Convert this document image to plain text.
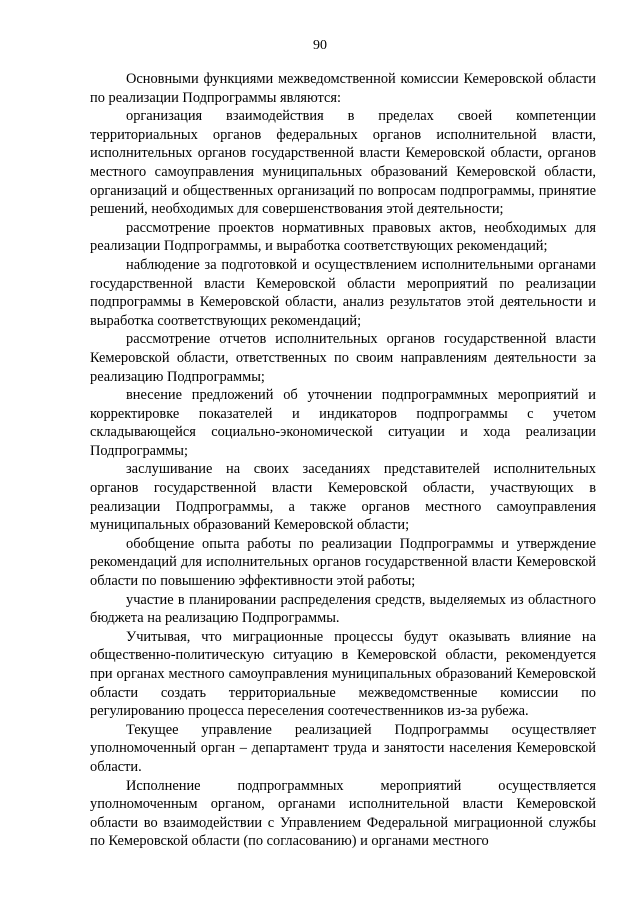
90

Основными функциями межведомственной комиссии Кемеровской области по реализации Подпрограммы являются:

организация взаимодействия в пределах своей компетенции территориальных органов федеральных органов исполнительной власти, исполнительных органов государственной власти Кемеровской области, органов местного самоуправления муниципальных образований Кемеровской области, организаций и общественных организаций по вопросам подпрограммы, принятие решений, необходимых для совершенствования этой деятельности;

рассмотрение проектов нормативных правовых актов, необходимых для реализации Подпрограммы, и выработка соответствующих рекомендаций;

наблюдение за подготовкой и осуществлением исполнительными органами государственной власти Кемеровской области мероприятий по реализации подпрограммы в Кемеровской области, анализ результатов этой деятельности и выработка соответствующих рекомендаций;

рассмотрение отчетов исполнительных органов государственной власти Кемеровской области, ответственных по своим направлениям деятельности за реализацию Подпрограммы;

внесение предложений об уточнении подпрограммных мероприятий и корректировке показателей и индикаторов подпрограммы с учетом складывающейся социально-экономической ситуации и хода реализации Подпрограммы;

заслушивание на своих заседаниях представителей исполнительных органов государственной власти Кемеровской области, участвующих в реализации Подпрограммы, а также органов местного самоуправления муниципальных образований Кемеровской области;

обобщение опыта работы по реализации Подпрограммы и утверждение рекомендаций для исполнительных органов государственной власти Кемеровской области по повышению эффективности этой работы;

участие в планировании распределения средств, выделяемых из областного бюджета на реализацию Подпрограммы.

Учитывая, что миграционные процессы будут оказывать влияние на общественно-политическую ситуацию в Кемеровской области, рекомендуется при органах местного самоуправления муниципальных образований Кемеровской области создать территориальные межведомственные комиссии по регулированию процесса переселения соотечественников из-за рубежа.

Текущее управление реализацией Подпрограммы осуществляет уполномоченный орган – департамент труда и занятости населения Кемеровской области.

Исполнение подпрограммных мероприятий осуществляется уполномоченным органом, органами исполнительной власти Кемеровской области во взаимодействии с Управлением Федеральной миграционной службы по Кемеровской области (по согласованию) и органами местного
